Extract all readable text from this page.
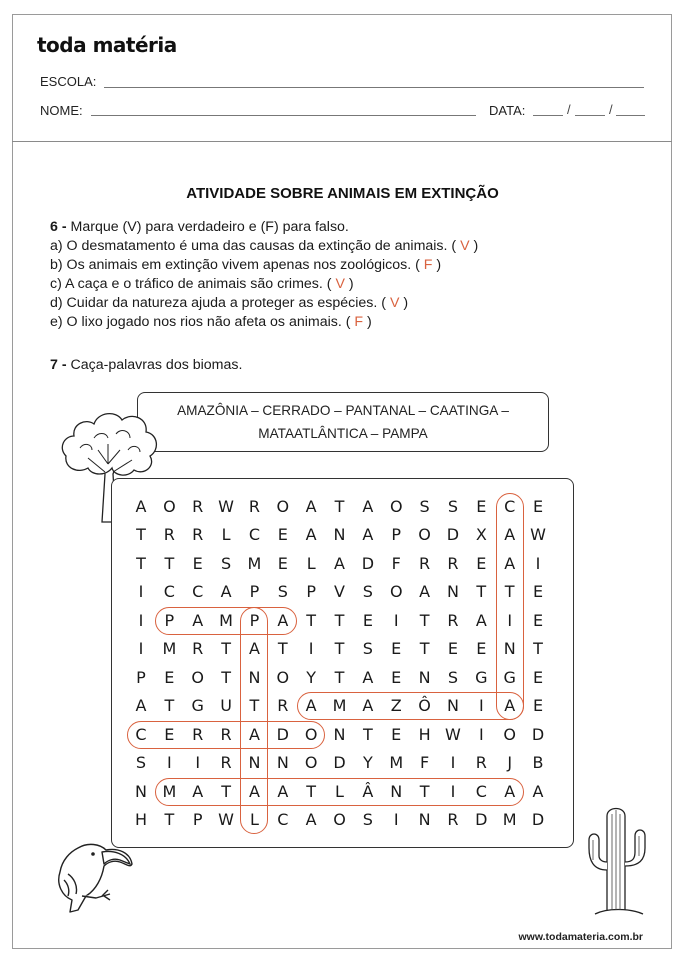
toda matéria
ESCOLA:
NOME:	DATA:	/	/
ATIVIDADE SOBRE ANIMAIS EM EXTINÇÃO
6 - Marque (V) para verdadeiro e (F) para falso.
a) O desmatamento é uma das causas da extinção de animais. ( V )
b) Os animais em extinção vivem apenas nos zoológicos. ( F )
c) A caça e o tráfico de animais são crimes. ( V )
d) Cuidar da natureza ajuda a proteger as espécies. ( V )
e) O lixo jogado nos rios não afeta os animais. ( F )
7 - Caça-palavras dos biomas.
AMAZÔNIA – CERRADO – PANTANAL – CAATINGA –
MATAATLÂNTICA – PAMPA
A	O	R W R	O	A	T	A	O	S	S	E	C	E
T	R	R	L	C	E	A	N	A	P	O D	X	A W
T	T	E	S	M	E	L	A	D	F	R	R	E	A	I
I	C	C	A	P	S	P	V	S	O	A	N	T	T	E
I	P	A M	P	A	T	T	E	I	T	R	A	I	E
I	M R	T	A	T	I	T	S	E	T	E	E	N	T
P	E	O	T	N	O	Y	T	A	E	N	S	G G	E
A	T	G	U	T	R	A M A	Z	Ô	N	I	A	E
C	E	R	R	A	D O	N	T	E	H W	I	O D
S	I	I	R	N	N	O D	Y	M	F	I	R	J	B
N M A	T	A	A	T	L	Â	N	T	I	C	A	A
H	T	P W L	C	A	O	S	I	N	R	D M D
www.todamateria.com.br
